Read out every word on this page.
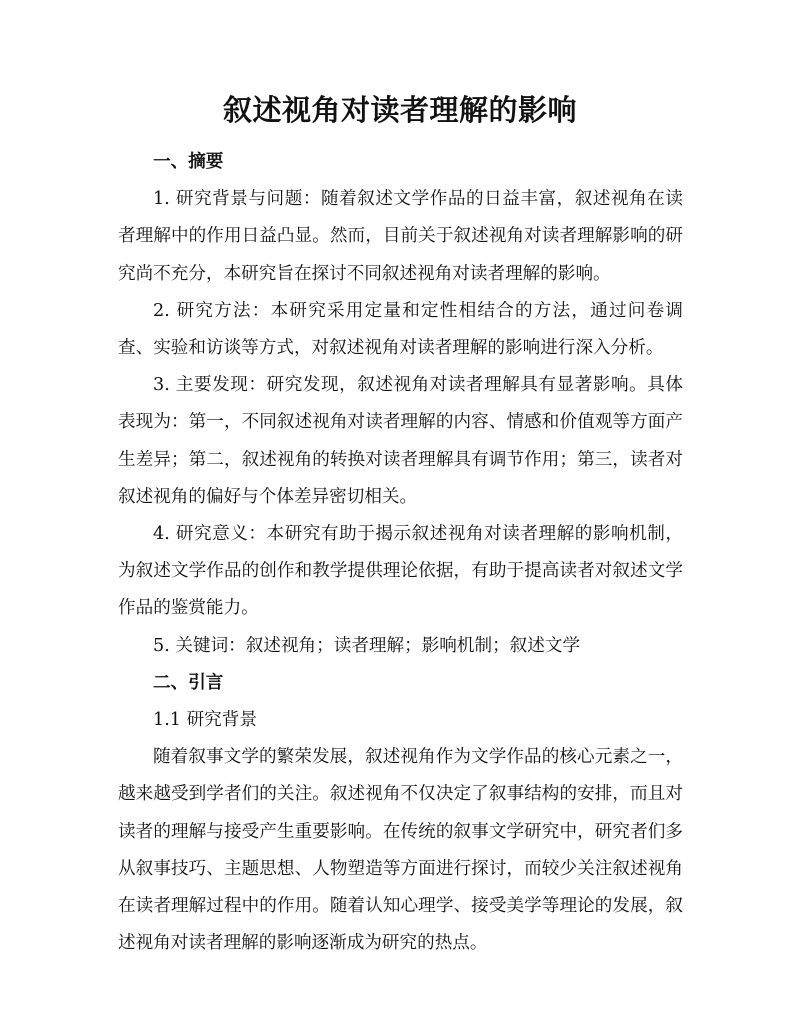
叙述视角对读者理解的影响

一、摘要

1. 研究背景与问题：随着叙述文学作品的日益丰富，叙述视角在读者理解中的作用日益凸显。然而，目前关于叙述视角对读者理解影响的研究尚不充分，本研究旨在探讨不同叙述视角对读者理解的影响。

2. 研究方法：本研究采用定量和定性相结合的方法，通过问卷调查、实验和访谈等方式，对叙述视角对读者理解的影响进行深入分析。

3. 主要发现：研究发现，叙述视角对读者理解具有显著影响。具体表现为：第一，不同叙述视角对读者理解的内容、情感和价值观等方面产生差异；第二，叙述视角的转换对读者理解具有调节作用；第三，读者对叙述视角的偏好与个体差异密切相关。

4. 研究意义：本研究有助于揭示叙述视角对读者理解的影响机制，为叙述文学作品的创作和教学提供理论依据，有助于提高读者对叙述文学作品的鉴赏能力。

5. 关键词：叙述视角；读者理解；影响机制；叙述文学

二、引言

1.1 研究背景

随着叙事文学的繁荣发展，叙述视角作为文学作品的核心元素之一，越来越受到学者们的关注。叙述视角不仅决定了叙事结构的安排，而且对读者的理解与接受产生重要影响。在传统的叙事文学研究中，研究者们多从叙事技巧、主题思想、人物塑造等方面进行探讨，而较少关注叙述视角在读者理解过程中的作用。随着认知心理学、接受美学等理论的发展，叙述视角对读者理解的影响逐渐成为研究的热点。
